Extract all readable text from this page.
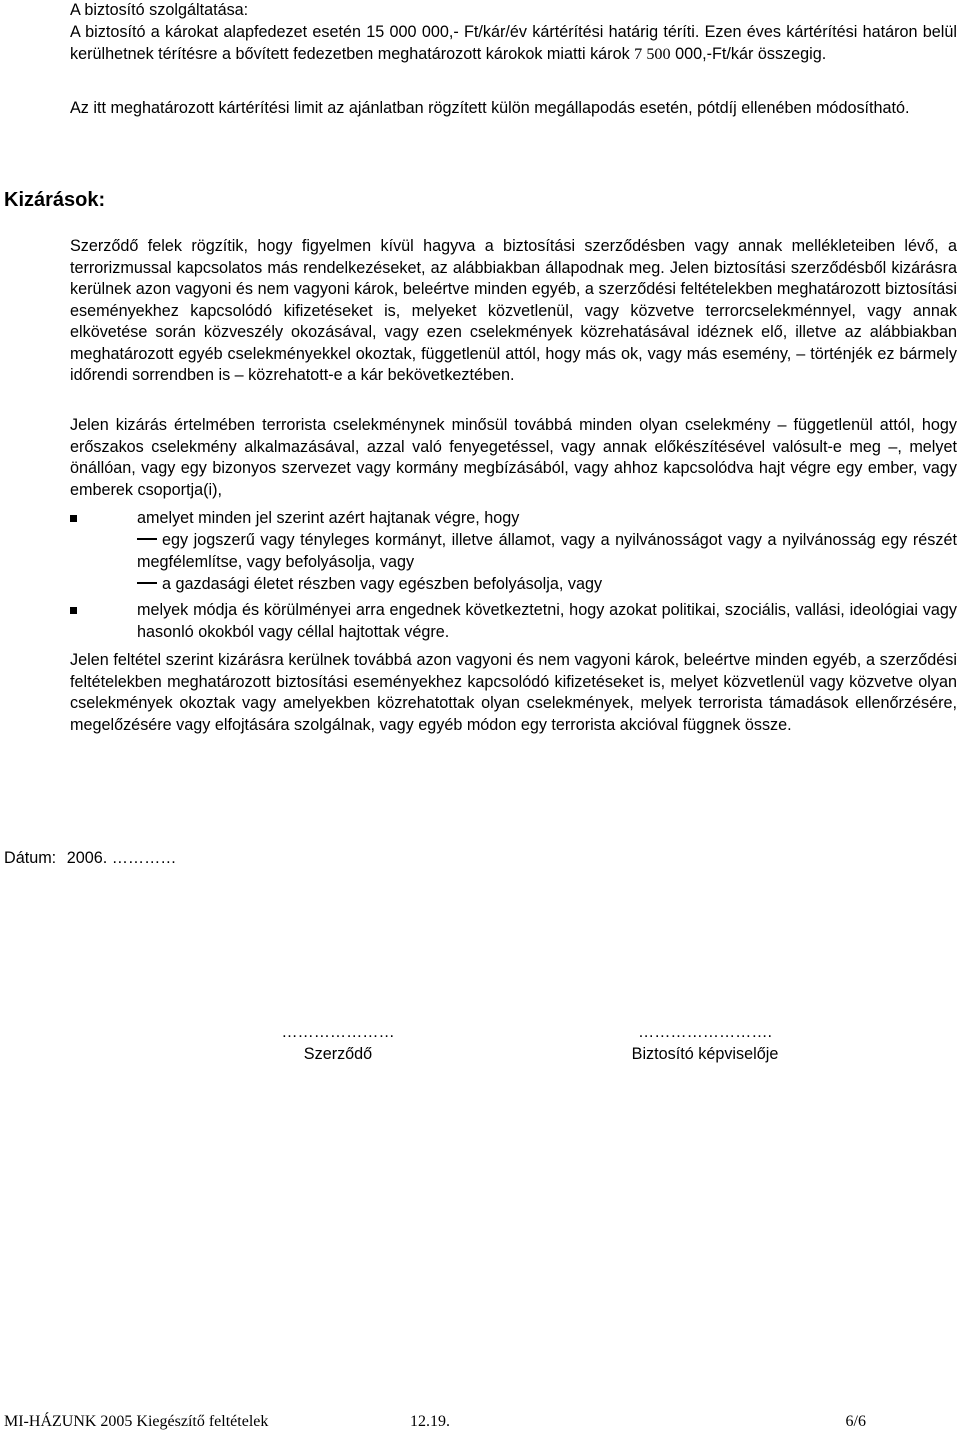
A biztosító szolgáltatása:
A biztosító a károkat alapfedezet esetén 15 000 000,- Ft/kár/év kártérítési határig téríti. Ezen éves kártérítési határon belül kerülhetnek térítésre a bővített fedezetben meghatározott károkok miatti károk 7 500 000,-Ft/kár összegig.
Az itt meghatározott kártérítési limit az ajánlatban rögzített külön megállapodás esetén, pótdíj ellenében módosítható.
Kizárások:
Szerződő felek rögzítik, hogy figyelmen kívül hagyva a biztosítási szerződésben vagy annak mellékleteiben lévő, a terrorizmussal kapcsolatos más rendelkezéseket, az alábbiakban állapodnak meg. Jelen biztosítási szerződésből kizárásra kerülnek azon vagyoni és nem vagyoni károk, beleértve minden egyéb, a szerződési feltételekben meghatározott biztosítási eseményekhez kapcsolódó kifizetéseket is, melyeket közvetlenül, vagy közvetve terrorcselekménnyel, vagy annak elkövetése során közveszély okozásával, vagy ezen cselekmények közrehatásával idéznek elő, illetve az alábbiakban meghatározott egyéb cselekményekkel okoztak, függetlenül attól, hogy más ok, vagy más esemény, – történjék ez bármely időrendi sorrendben is – közrehatott-e a kár bekövetkeztében.
Jelen kizárás értelmében terrorista cselekménynek minősül továbbá minden olyan cselekmény – függetlenül attól, hogy erőszakos cselekmény alkalmazásával, azzal való fenyegetéssel, vagy annak előkészítésével valósult-e meg –, melyet önállóan, vagy egy bizonyos szervezet vagy kormány megbízásából, vagy ahhoz kapcsolódva hajt végre egy ember, vagy emberek csoportja(i),
amelyet minden jel szerint azért hajtanak végre, hogy
egy jogszerű vagy tényleges kormányt, illetve államot, vagy a nyilvánosságot vagy a nyilvánosság egy részét megfélemlítse, vagy befolyásolja, vagy
a gazdasági életet részben vagy egészben befolyásolja, vagy
melyek módja és körülményei arra engednek következtetni, hogy azokat politikai, szociális, vallási, ideológiai vagy hasonló okokból vagy céllal hajtottak végre.
Jelen feltétel szerint kizárásra kerülnek továbbá azon vagyoni és nem vagyoni károk, beleértve minden egyéb, a szerződési feltételekben meghatározott biztosítási eseményekhez kapcsolódó kifizetéseket is, melyet közvetlenül vagy közvetve olyan cselekmények okoztak vagy amelyekben közrehatottak olyan cselekmények, melyek terrorista támadások ellenőrzésére, megelőzésére vagy elfojtására szolgálnak, vagy egyéb módon egy terrorista akcióval függnek össze.
Dátum: 2006. …………
…………………
Szerződő
…………………….
Biztosító képviselője
MI-HÁZUNK 2005 Kiegészítő feltételek	12.19.	6/6
